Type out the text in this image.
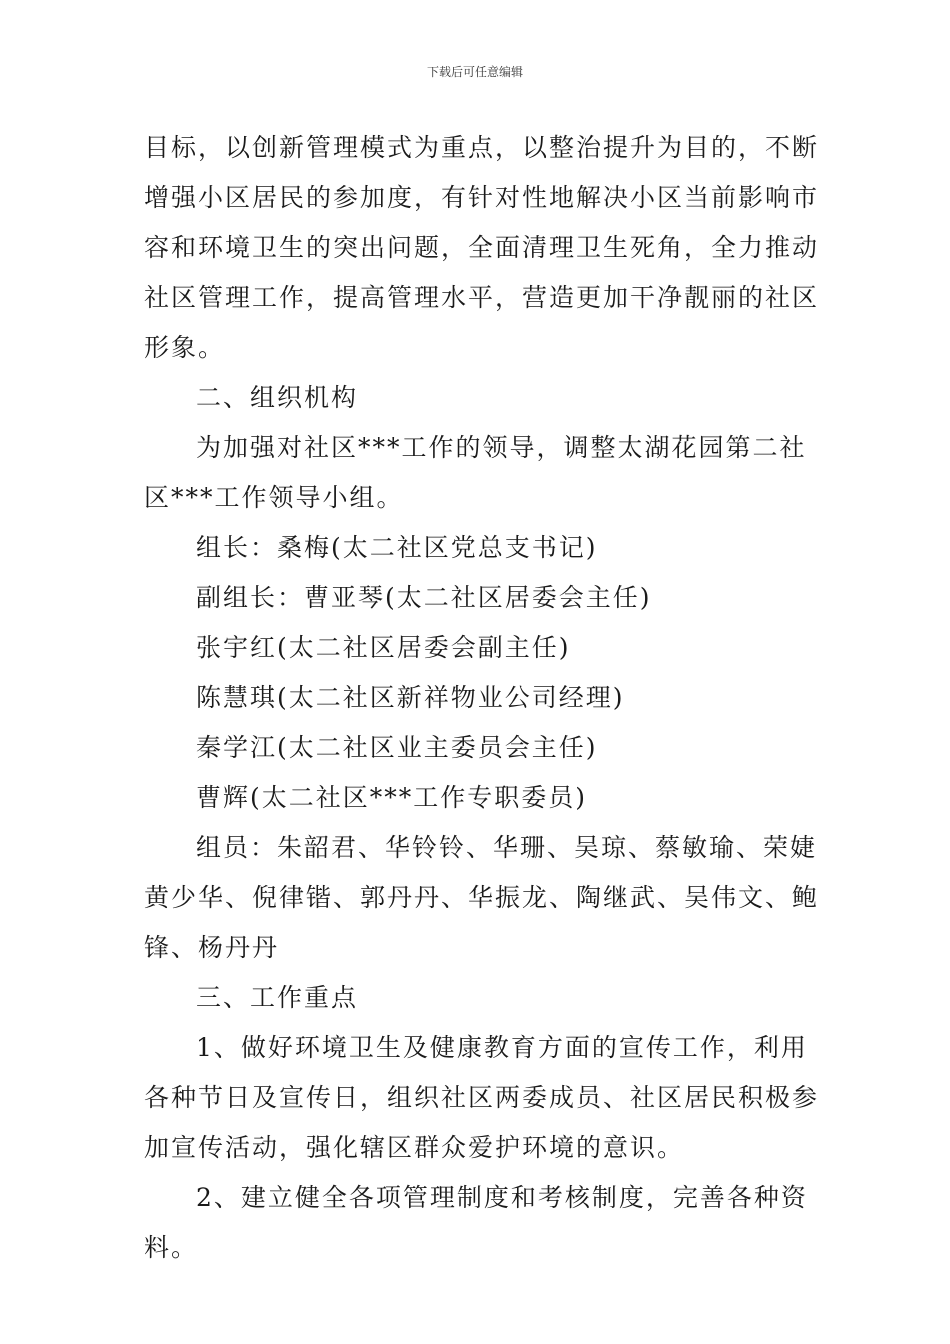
下载后可任意编辑

目标，以创新管理模式为重点，以整治提升为目的，不断增强小区居民的参加度，有针对性地解决小区当前影响市容和环境卫生的突出问题，全面清理卫生死角，全力推动社区管理工作，提高管理水平，营造更加干净靓丽的社区形象。

二、组织机构

为加强对社区***工作的领导，调整太湖花园第二社区***工作领导小组。

组长：桑梅(太二社区党总支书记)

副组长：曹亚琴(太二社区居委会主任)

张宇红(太二社区居委会副主任)

陈慧琪(太二社区新祥物业公司经理)

秦学江(太二社区业主委员会主任)

曹辉(太二社区***工作专职委员)

组员：朱韶君、华铃铃、华珊、吴琼、蔡敏瑜、荣婕黄少华、倪律锴、郭丹丹、华振龙、陶继武、吴伟文、鲍锋、杨丹丹

三、工作重点

1、做好环境卫生及健康教育方面的宣传工作，利用各种节日及宣传日，组织社区两委成员、社区居民积极参加宣传活动，强化辖区群众爱护环境的意识。

2、建立健全各项管理制度和考核制度，完善各种资料。
